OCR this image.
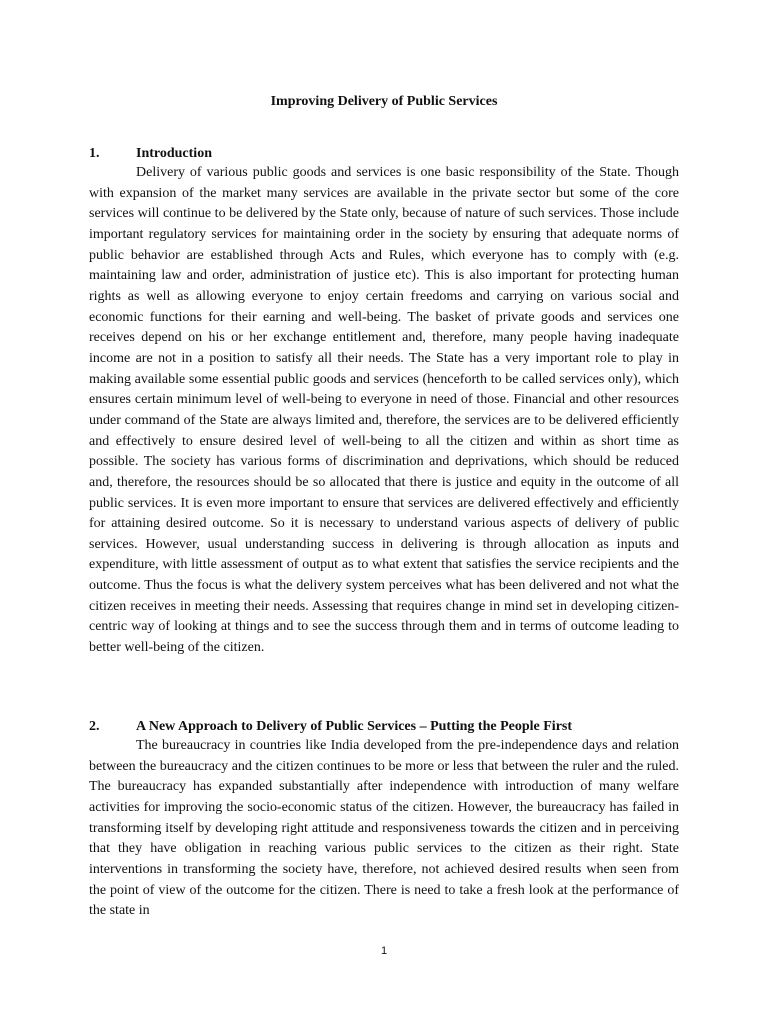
Improving Delivery of Public Services
1.	Introduction

Delivery of various public goods and services is one basic responsibility of the State. Though with expansion of the market many services are available in the private sector but some of the core services will continue to be delivered by the State only, because of nature of such services. Those include important regulatory services for maintaining order in the society by ensuring that adequate norms of public behavior are established through Acts and Rules, which everyone has to comply with (e.g. maintaining law and order, administration of justice etc). This is also important for protecting human rights as well as allowing everyone to enjoy certain freedoms and carrying on various social and economic functions for their earning and well-being. The basket of private goods and services one receives depend on his or her exchange entitlement and, therefore, many people having inadequate income are not in a position to satisfy all their needs. The State has a very important role to play in making available some essential public goods and services (henceforth to be called services only), which ensures certain minimum level of well-being to everyone in need of those. Financial and other resources under command of the State are always limited and, therefore, the services are to be delivered efficiently and effectively to ensure desired level of well-being to all the citizen and within as short time as possible. The society has various forms of discrimination and deprivations, which should be reduced and, therefore, the resources should be so allocated that there is justice and equity in the outcome of all public services. It is even more important to ensure that services are delivered effectively and efficiently for attaining desired outcome. So it is necessary to understand various aspects of delivery of public services. However, usual understanding success in delivering is through allocation as inputs and expenditure, with little assessment of output as to what extent that satisfies the service recipients and the outcome. Thus the focus is what the delivery system perceives what has been delivered and not what the citizen receives in meeting their needs. Assessing that requires change in mind set in developing citizen-centric way of looking at things and to see the success through them and in terms of outcome leading to better well-being of the citizen.

2.	A New Approach to Delivery of Public Services – Putting the People First

The bureaucracy in countries like India developed from the pre-independence days and relation between the bureaucracy and the citizen continues to be more or less that between the ruler and the ruled. The bureaucracy has expanded substantially after independence with introduction of many welfare activities for improving the socio-economic status of the citizen. However, the bureaucracy has failed in transforming itself by developing right attitude and responsiveness towards the citizen and in perceiving that they have obligation in reaching various public services to the citizen as their right. State interventions in transforming the society have, therefore, not achieved desired results when seen from the point of view of the outcome for the citizen. There is need to take a fresh look at the performance of the state in

1
